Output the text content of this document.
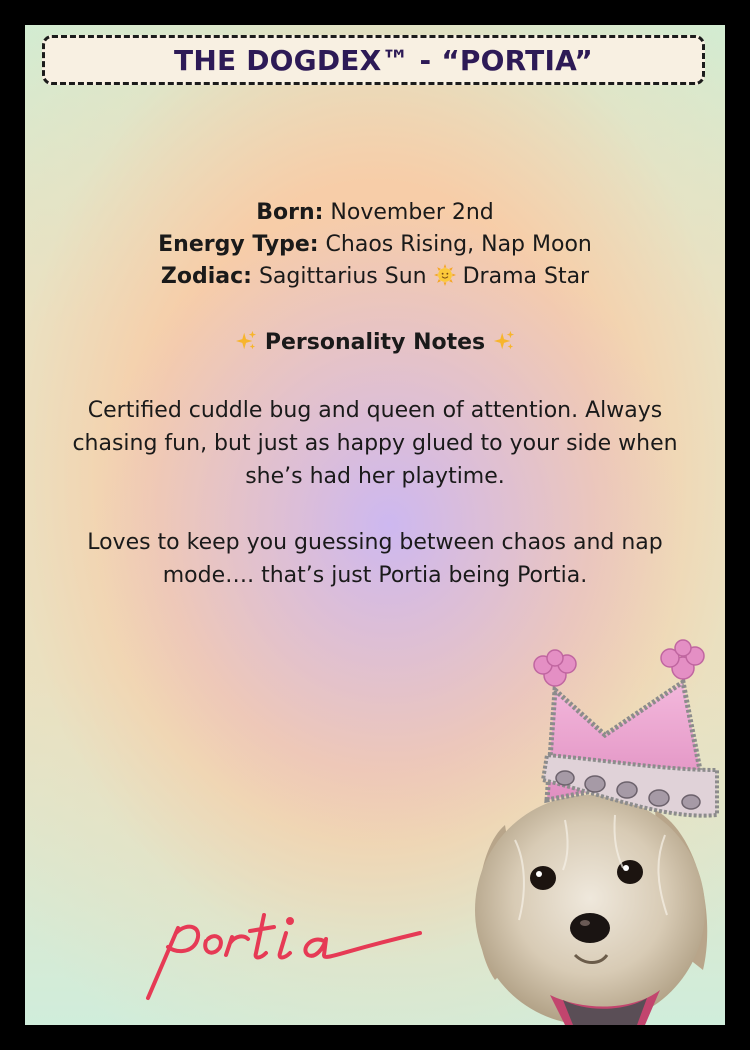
THE DOGDEX™ - “PORTIA”
Born: November 2nd
Energy Type: Chaos Rising, Nap Moon
Zodiac: Sagittarius Sun  Drama Star
Personality Notes
Certified cuddle bug and queen of attention. Always chasing fun, but just as happy glued to your side when she’s had her playtime.
Loves to keep you guessing between chaos and nap mode…. that’s just Portia being Portia.
